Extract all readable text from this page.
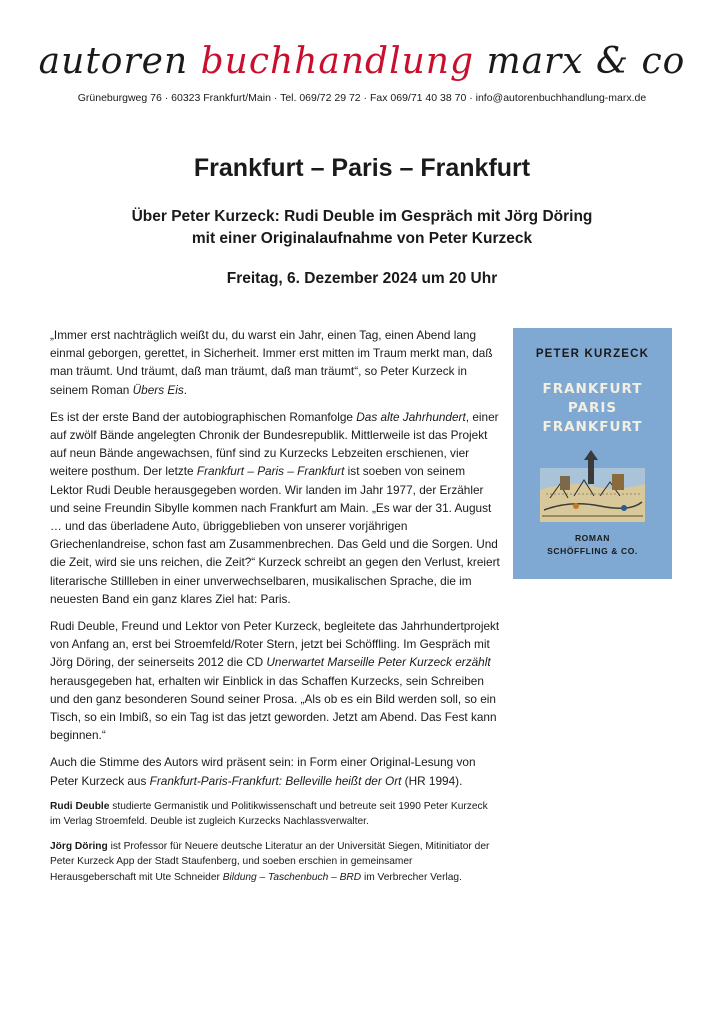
autoren buchhandlung marx & co
Grüneburgweg 76 · 60323 Frankfurt/Main · Tel. 069/72 29 72 · Fax 069/71 40 38 70 · info@autorenbuchhandlung-marx.de
Frankfurt – Paris – Frankfurt
Über Peter Kurzeck: Rudi Deuble im Gespräch mit Jörg Döring
mit einer Originalaufnahme von Peter Kurzeck
Freitag, 6. Dezember 2024 um 20 Uhr

„Immer erst nachträglich weißt du, du warst ein Jahr, einen Tag, einen Abend lang einmal geborgen, gerettet, in Sicherheit. Immer erst mitten im Traum merkt man, daß man träumt. Und träumt, daß man träumt, daß man träumt“, so Peter Kurzeck in seinem Roman Übers Eis.

Es ist der erste Band der autobiographischen Romanfolge Das alte Jahrhundert, einer auf zwölf Bände angelegten Chronik der Bundesrepublik. Mittlerweile ist das Projekt auf neun Bände angewachsen, fünf sind zu Kurzecks Lebzeiten erschienen, vier weitere posthum. Der letzte Frankfurt – Paris – Frankfurt ist soeben von seinem Lektor Rudi Deuble herausgegeben worden. Wir landen im Jahr 1977, der Erzähler und seine Freundin Sibylle kommen nach Frankfurt am Main. „Es war der 31. August … und das überladene Auto, übriggeblieben von unserer vorjährigen Griechenlandreise, schon fast am Zusammenbrechen. Das Geld und die Sorgen. Und die Zeit, wird sie uns reichen, die Zeit?“ Kurzeck schreibt an gegen den Verlust, kreiert literarische Stillleben in einer unverwechselbaren, musikalischen Sprache, die im neuesten Band ein ganz klares Ziel hat: Paris.

Rudi Deuble, Freund und Lektor von Peter Kurzeck, begleitete das Jahrhundertprojekt von Anfang an, erst bei Stroemfeld/Roter Stern, jetzt bei Schöffling. Im Gespräch mit Jörg Döring, der seinerseits 2012 die CD Unerwartet Marseille Peter Kurzeck erzählt herausgegeben hat, erhalten wir Einblick in das Schaffen Kurzecks, sein Schreiben und den ganz besonderen Sound seiner Prosa. „Als ob es ein Bild werden soll, so ein Tisch, so ein Imbiß, so ein Tag ist das jetzt geworden. Jetzt am Abend. Das Fest kann beginnen.“

Auch die Stimme des Autors wird präsent sein: in Form einer Original-Lesung von Peter Kurzeck aus Frankfurt-Paris-Frankfurt: Belleville heißt der Ort (HR 1994).

Rudi Deuble studierte Germanistik und Politikwissenschaft und betreute seit 1990 Peter Kurzeck im Verlag Stroemfeld. Deuble ist zugleich Kurzecks Nachlassverwalter.

Jörg Döring ist Professor für Neuere deutsche Literatur an der Universität Siegen, Mitinitiator der Peter Kurzeck App der Stadt Staufenberg, und soeben erschien in gemeinsamer Herausgeberschaft mit Ute Schneider Bildung – Taschenbuch – BRD im Verbrecher Verlag.

PETER KURZECK
FRANKFURT
PARIS
FRANKFURT
ROMAN
SCHÖFFLING & CO.
